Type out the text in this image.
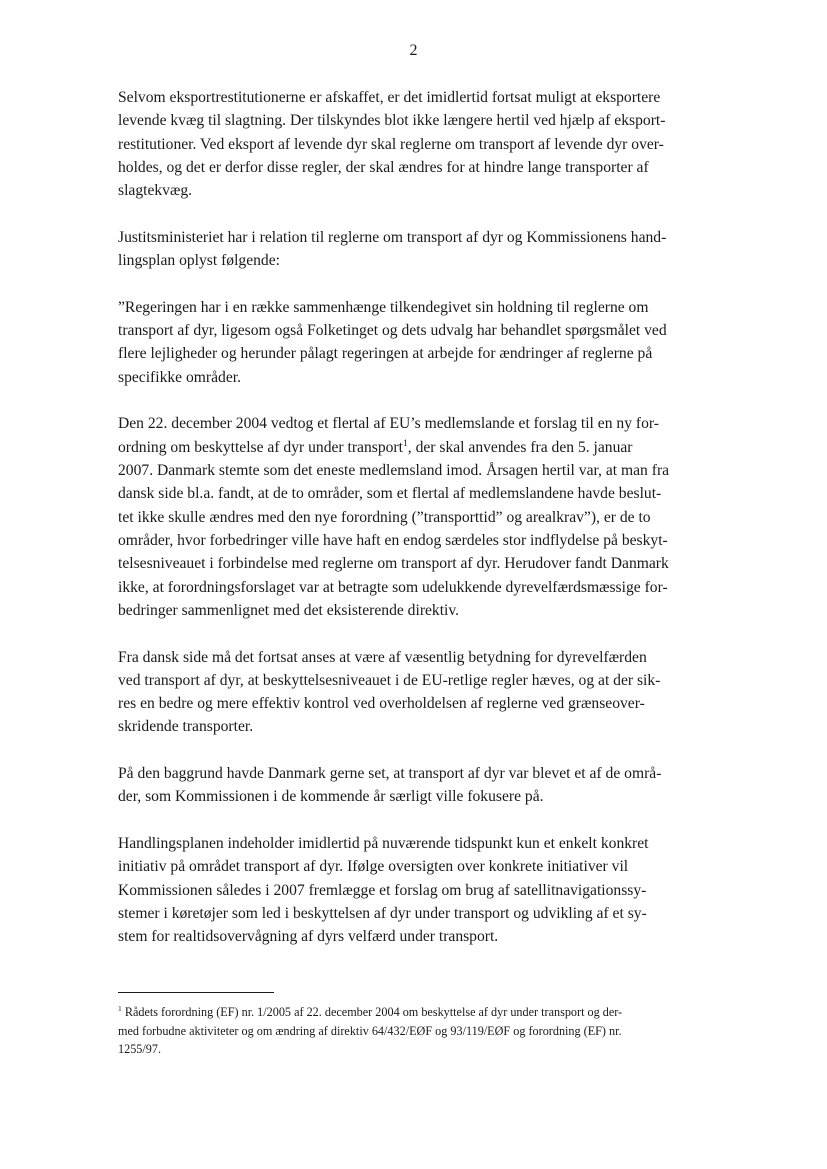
2

Selvom eksportrestitutionerne er afskaffet, er det imidlertid fortsat muligt at eksportere
levende kvæg til slagtning. Der tilskyndes blot ikke længere hertil ved hjælp af eksport-
restitutioner. Ved eksport af levende dyr skal reglerne om transport af levende dyr over-
holdes, og det er derfor disse regler, der skal ændres for at hindre lange transporter af
slagtekvæg.

Justitsministeriet har i relation til reglerne om transport af dyr og Kommissionens hand-
lingsplan oplyst følgende:

”Regeringen har i en række sammenhænge tilkendegivet sin holdning til reglerne om
transport af dyr, ligesom også Folketinget og dets udvalg har behandlet spørgsmålet ved
flere lejligheder og herunder pålagt regeringen at arbejde for ændringer af reglerne på
specifikke områder.

Den 22. december 2004 vedtog et flertal af EU’s medlemslande et forslag til en ny for-
ordning om beskyttelse af dyr under transport$^1$, der skal anvendes fra den 5. januar
2007. Danmark stemte som det eneste medlemsland imod. Årsagen hertil var, at man fra
dansk side bl.a. fandt, at de to områder, som et flertal af medlemslandene havde beslut-
tet ikke skulle ændres med den nye forordning (”transporttid” og arealkrav”), er de to
områder, hvor forbedringer ville have haft en endog særdeles stor indflydelse på beskyt-
telsesniveauet i forbindelse med reglerne om transport af dyr. Herudover fandt Danmark
ikke, at forordningsforslaget var at betragte som udelukkende dyrevelfærdsmæssige for-
bedringer sammenlignet med det eksisterende direktiv.

Fra dansk side må det fortsat anses at være af væsentlig betydning for dyrevelfærden
ved transport af dyr, at beskyttelsesniveauet i de EU-retlige regler hæves, og at der sik-
res en bedre og mere effektiv kontrol ved overholdelsen af reglerne ved grænseover-
skridende transporter.

På den baggrund havde Danmark gerne set, at transport af dyr var blevet et af de områ-
der, som Kommissionen i de kommende år særligt ville fokusere på.

Handlingsplanen indeholder imidlertid på nuværende tidspunkt kun et enkelt konkret
initiativ på området transport af dyr. Ifølge oversigten over konkrete initiativer vil
Kommissionen således i 2007 fremlægge et forslag om brug af satellitnavigationssy-
stemer i køretøjer som led i beskyttelsen af dyr under transport og udvikling af et sy-
stem for realtidsovervågning af dyrs velfærd under transport.

$^1$ Rådets forordning (EF) nr. 1/2005 af 22. december 2004 om beskyttelse af dyr under transport og der-
med forbudne aktiviteter og om ændring af direktiv 64/432/EØF og 93/119/EØF og forordning (EF) nr.
1255/97.
